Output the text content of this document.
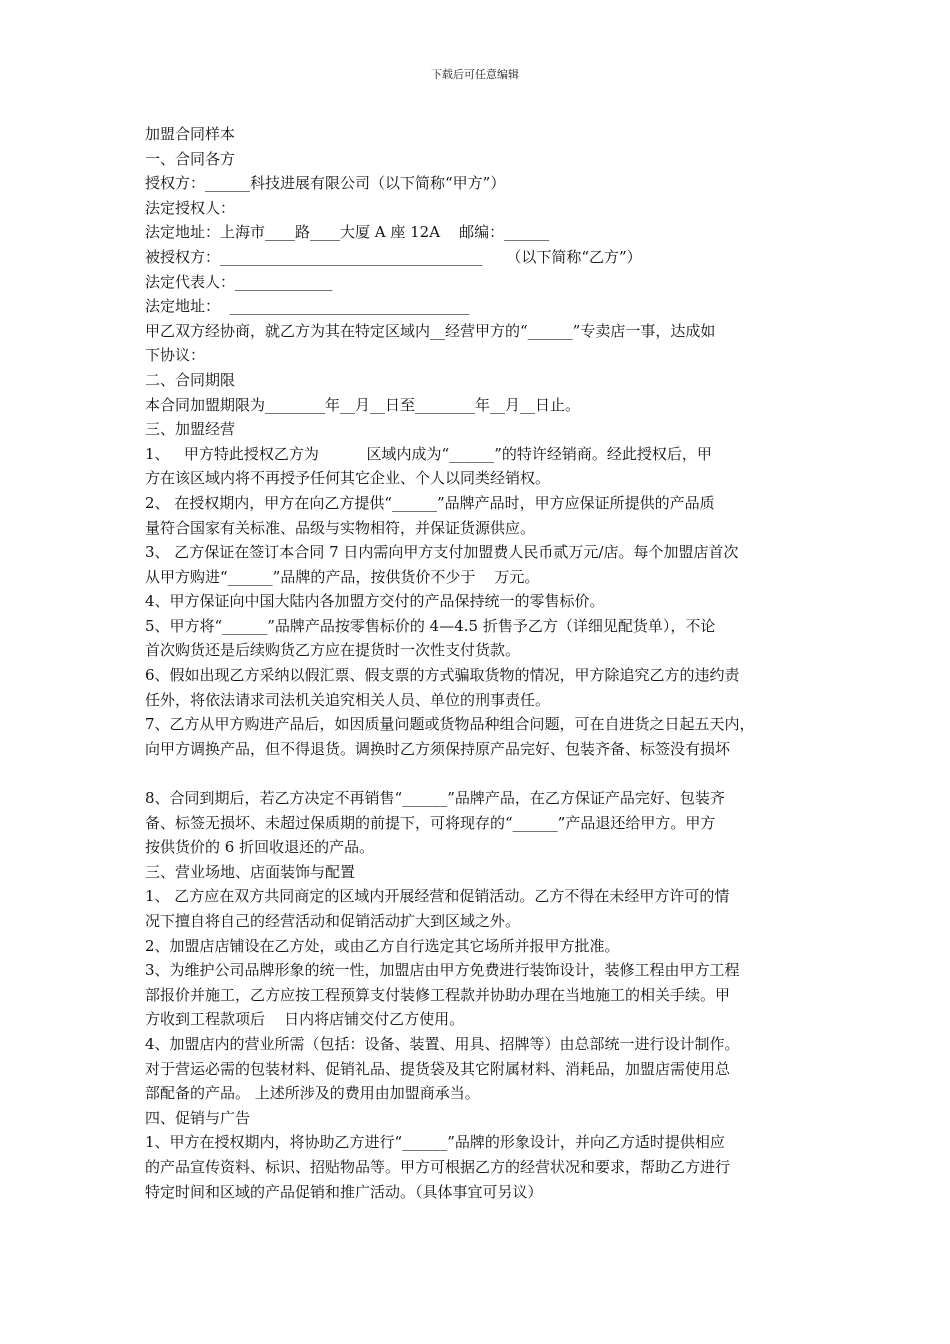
下载后可任意编辑
加盟合同样本
一、合同各方
授权方：______科技进展有限公司（以下简称“甲方”）
法定授权人：
法定地址：上海市____路____大厦 A 座 12A    邮编：______
被授权方：___________________________________     （以下简称“乙方”）
法定代表人：_____________
法定地址：  ________________________________
甲乙双方经协商，就乙方为其在特定区域内__经营甲方的“______”专卖店一事，达成如
下协议：
二、合同期限
本合同加盟期限为________年__月__日至________年__月__日止。
三、加盟经营
1、   甲方特此授权乙方为          区域内成为“______”的特许经销商。经此授权后，甲
方在该区域内将不再授予任何其它企业、个人以同类经销权。
2、 在授权期内，甲方在向乙方提供“______”品牌产品时，甲方应保证所提供的产品质
量符合国家有关标准、品级与实物相符，并保证货源供应。
3、 乙方保证在签订本合同 7 日内需向甲方支付加盟费人民币贰万元/店。每个加盟店首次
从甲方购进“______”品牌的产品，按供货价不少于    万元。
4、甲方保证向中国大陆内各加盟方交付的产品保持统一的零售标价。
5、甲方将“______”品牌产品按零售标价的 4—4.5 折售予乙方（详细见配货单），不论
首次购货还是后续购货乙方应在提货时一次性支付货款。
6、假如出现乙方采纳以假汇票、假支票的方式骗取货物的情况，甲方除追究乙方的违约责
任外，将依法请求司法机关追究相关人员、单位的刑事责任。
7、乙方从甲方购进产品后，如因质量问题或货物品种组合问题，可在自进货之日起五天内，
向甲方调换产品，但不得退货。调换时乙方须保持原产品完好、包装齐备、标签没有损坏
8、合同到期后，若乙方决定不再销售“______”品牌产品，在乙方保证产品完好、包装齐
备、标签无损坏、未超过保质期的前提下，可将现存的“______”产品退还给甲方。甲方
按供货价的 6 折回收退还的产品。
三、营业场地、店面装饰与配置
1、 乙方应在双方共同商定的区域内开展经营和促销活动。乙方不得在未经甲方许可的情
况下擅自将自己的经营活动和促销活动扩大到区域之外。
2、加盟店店铺设在乙方处，或由乙方自行选定其它场所并报甲方批准。
3、为维护公司品牌形象的统一性，加盟店由甲方免费进行装饰设计，装修工程由甲方工程
部报价并施工，乙方应按工程预算支付装修工程款并协助办理在当地施工的相关手续。甲
方收到工程款项后    日内将店铺交付乙方使用。
4、加盟店内的营业所需（包括：设备、装置、用具、招牌等）由总部统一进行设计制作。
对于营运必需的包装材料、促销礼品、提货袋及其它附属材料、消耗品，加盟店需使用总
部配备的产品。 上述所涉及的费用由加盟商承当。
四、促销与广告
1、甲方在授权期内，将协助乙方进行“______”品牌的形象设计，并向乙方适时提供相应
的产品宣传资料、标识、招贴物品等。甲方可根据乙方的经营状况和要求，帮助乙方进行
特定时间和区域的产品促销和推广活动。（具体事宜可另议）
